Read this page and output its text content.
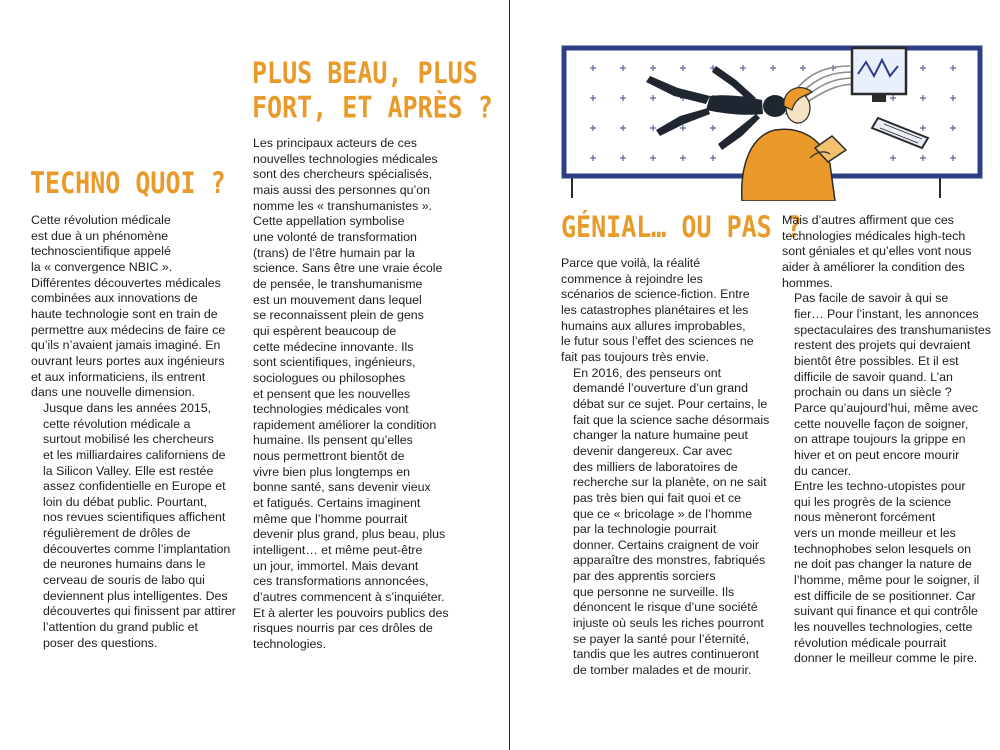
PLUS BEAU, PLUS
FORT, ET APRÈS ?
TECHNO QUOI ?

Cette révolution médicale
est due à un phénomène
technoscientifique appelé
la « convergence NBIC ».
Différentes découvertes médicales
combinées aux innovations de
haute technologie sont en train de
permettre aux médecins de faire ce
qu’ils n’avaient jamais imaginé. En
ouvrant leurs portes aux ingénieurs
et aux informaticiens, ils entrent
dans une nouvelle dimension.

Jusque dans les années 2015,
cette révolution médicale a
surtout mobilisé les chercheurs
et les milliardaires californiens de
la Silicon Valley. Elle est restée
assez confidentielle en Europe et
loin du débat public. Pourtant,
nos revues scientifiques affichent
régulièrement de drôles de
découvertes comme l’implantation
de neurones humains dans le
cerveau de souris de labo qui
deviennent plus intelligentes. Des
découvertes qui finissent par attirer
l’attention du grand public et
poser des questions.

Les principaux acteurs de ces
nouvelles technologies médicales
sont des chercheurs spécialisés,
mais aussi des personnes qu’on
nomme les « transhumanistes ».
Cette appellation symbolise
une volonté de transformation
(trans) de l’être humain par la
science. Sans être une vraie école
de pensée, le transhumanisme
est un mouvement dans lequel
se reconnaissent plein de gens
qui espèrent beaucoup de
cette médecine innovante. Ils
sont scientifiques, ingénieurs,
sociologues ou philosophes
et pensent que les nouvelles
technologies médicales vont
rapidement améliorer la condition
humaine. Ils pensent qu’elles
nous permettront bientôt de
vivre bien plus longtemps en
bonne santé, sans devenir vieux
et fatigués. Certains imaginent
même que l’homme pourrait
devenir plus grand, plus beau, plus
intelligent… et même peut-être
un jour, immortel. Mais devant
ces transformations annoncées,
d’autres commencent à s’inquiéter.
Et à alerter les pouvoirs publics des
risques nourris par ces drôles de
technologies.

GÉNIAL… OU PAS ?

Parce que voilà, la réalité
commence à rejoindre les
scénarios de science-fiction. Entre
les catastrophes planétaires et les
humains aux allures improbables,
le futur sous l’effet des sciences ne
fait pas toujours très envie.

En 2016, des penseurs ont
demandé l’ouverture d’un grand
débat sur ce sujet. Pour certains, le
fait que la science sache désormais
changer la nature humaine peut
devenir dangereux. Car avec
des milliers de laboratoires de
recherche sur la planète, on ne sait
pas très bien qui fait quoi et ce
que ce « bricolage » de l’homme
par la technologie pourrait
donner. Certains craignent de voir
apparaître des monstres, fabriqués
par des apprentis sorciers
que personne ne surveille. Ils
dénoncent le risque d’une société
injuste où seuls les riches pourront
se payer la santé pour l’éternité,
tandis que les autres continueront
de tomber malades et de mourir.

Mais d’autres affirment que ces
technologies médicales high-tech
sont géniales et qu’elles vont nous
aider à améliorer la condition des
hommes.

Pas facile de savoir à qui se
fier… Pour l’instant, les annonces
spectaculaires des transhumanistes
restent des projets qui devraient
bientôt être possibles. Et il est
difficile de savoir quand. L’an
prochain ou dans un siècle ?
Parce qu’aujourd’hui, même avec
cette nouvelle façon de soigner,
on attrape toujours la grippe en
hiver et on peut encore mourir
du cancer.

Entre les techno-utopistes pour
qui les progrès de la science
nous mèneront forcément
vers un monde meilleur et les
technophobes selon lesquels on
ne doit pas changer la nature de
l’homme, même pour le soigner, il
est difficile de se positionner. Car
suivant qui finance et qui contrôle
les nouvelles technologies, cette
révolution médicale pourrait
donner le meilleur comme le pire.
